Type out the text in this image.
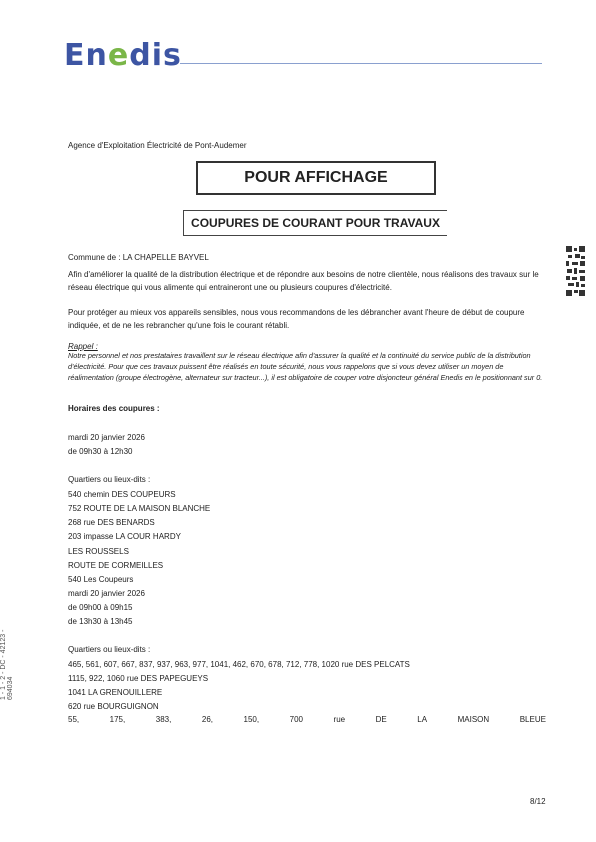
Enedis
Agence d'Exploitation Électricité de Pont-Audemer
POUR AFFICHAGE
COUPURES DE COURANT POUR TRAVAUX
Commune de : LA CHAPELLE BAYVEL
Afin d'améliorer la qualité de la distribution électrique et de répondre aux besoins de notre clientèle, nous réalisons des travaux sur le réseau électrique qui vous alimente qui entraineront une ou plusieurs coupures d'électricité.
Pour protéger au mieux vos appareils sensibles, nous vous recommandons de les débrancher avant l'heure de début de coupure indiquée, et de ne les rebrancher qu'une fois le courant rétabli.
Rappel :
Notre personnel et nos prestataires travaillent sur le réseau électrique afin d'assurer la qualité et la continuité du service public de la distribution d'électricité. Pour que ces travaux puissent être réalisés en toute sécurité, nous vous rappelons que si vous devez utiliser un moyen de réalimentation (groupe électrogène, alternateur sur tracteur...), il est obligatoire de couper votre disjoncteur général Enedis en le positionnant sur 0.
Horaires des coupures :
mardi 20 janvier 2026
de 09h30 à 12h30
Quartiers ou lieux-dits :
540 chemin DES COUPEURS
752 ROUTE DE LA MAISON BLANCHE
268 rue DES BENARDS
203 impasse LA COUR HARDY
LES ROUSSELS
ROUTE DE CORMEILLES
540 Les Coupeurs
mardi 20 janvier 2026
de 09h00 à 09h15
de 13h30 à 13h45
Quartiers ou lieux-dits :
465, 561, 607, 667, 837, 937, 963, 977, 1041, 462, 670, 678, 712, 778, 1020 rue DES PELCATS
1115, 922, 1060 rue DES PAPEGUEYS
1041 LA GRENOUILLERE
620 rue BOURGUIGNON
55,	175,	383,	26,	150,	700	rue	DE	LA	MAISON	BLEUE
8/12
1 - 1 - 2 - DC - 42123 - 694034
